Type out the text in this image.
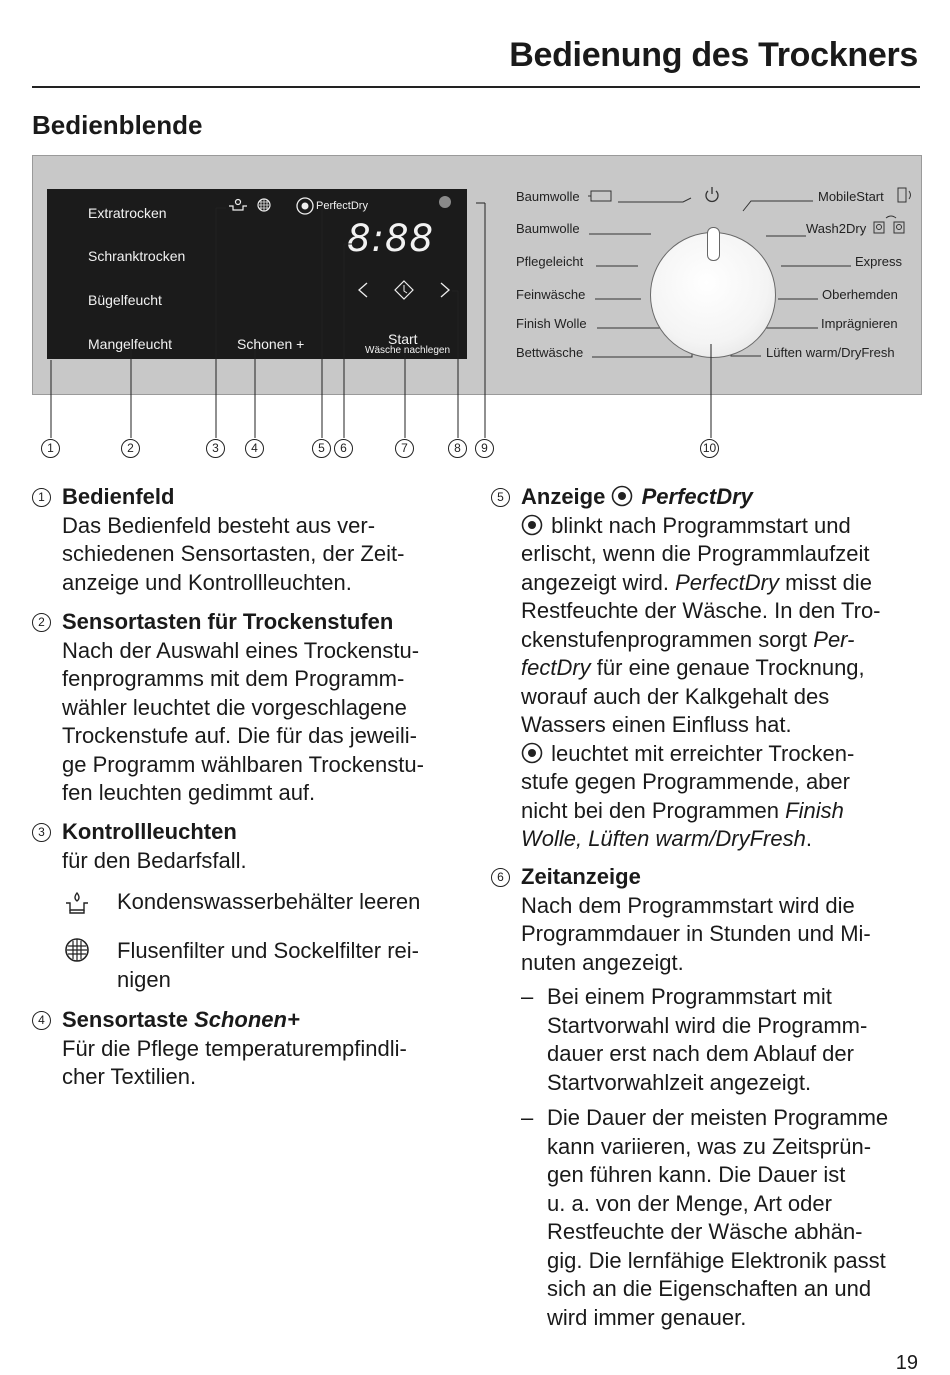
Bedienung des Trockners
Bedienblende
Extratrocken
Schranktrocken
Bügelfeucht
Mangelfeucht	Schonen +	Start
Wäsche nachlegen
PerfectDry
8:88
Baumwolle
Baumwolle
Pflegeleicht
Feinwäsche
Finish Wolle
Bettwäsche
MobileStart
Wash2Dry
Express
Oberhemden
Imprägnieren
Lüften warm/DryFresh
1	2	3	4	5	6	7	8	9	10
1 Bedienfeld
Das Bedienfeld besteht aus ver-
schiedenen Sensortasten, der Zeit-
anzeige und Kontrollleuchten.
2 Sensortasten für Trockenstufen
Nach der Auswahl eines Trockenstu-
fenprogramms mit dem Programm-
wähler leuchtet die vorgeschlagene
Trockenstufe auf. Die für das jeweili-
ge Programm wählbaren Trockenstu-
fen leuchten gedimmt auf.
3 Kontrollleuchten
für den Bedarfsfall.
Kondenswasserbehälter leeren
Flusenfilter und Sockelfilter rei-
nigen
4 Sensortaste Schonen+
Für die Pflege temperaturempfindli-
cher Textilien.
5 Anzeige  PerfectDry
blinkt nach Programmstart und
erlischt, wenn die Programmlaufzeit
angezeigt wird. PerfectDry misst die
Restfeuchte der Wäsche. In den Tro-
ckenstufenprogrammen sorgt Per-
fectDry für eine genaue Trocknung,
worauf auch der Kalkgehalt des
Wassers einen Einfluss hat.
leuchtet mit erreichter Trocken-
stufe gegen Programmende, aber
nicht bei den Programmen Finish
Wolle, Lüften warm/DryFresh.
6 Zeitanzeige
Nach dem Programmstart wird die
Programmdauer in Stunden und Mi-
nuten angezeigt.
– Bei einem Programmstart mit
Startvorwahl wird die Programm-
dauer erst nach dem Ablauf der
Startvorwahlzeit angezeigt.
– Die Dauer der meisten Programme
kann variieren, was zu Zeitsprün-
gen führen kann. Die Dauer ist
u. a. von der Menge, Art oder
Restfeuchte der Wäsche abhän-
gig. Die lernfähige Elektronik passt
sich an die Eigenschaften an und
wird immer genauer.
19
